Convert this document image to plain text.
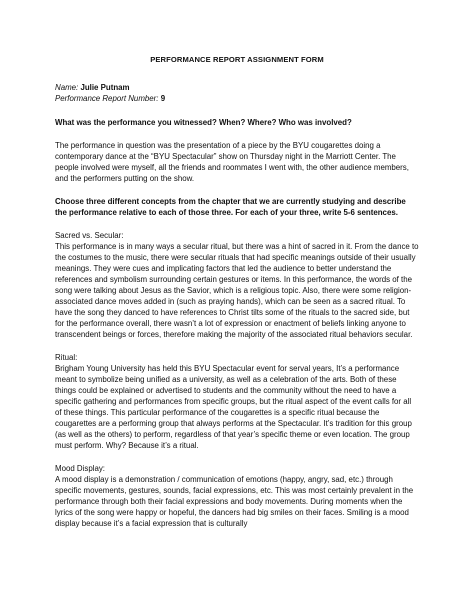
PERFORMANCE REPORT ASSIGNMENT FORM

Name: Julie Putnam

Performance Report Number: 9

What was the performance you witnessed? When? Where? Who was involved?

The performance in question was the presentation of a piece by the BYU cougarettes doing a contemporary dance at the “BYU Spectacular” show on Thursday night in the Marriott Center. The people involved were myself, all the friends and roommates I went with, the other audience members, and the performers putting on the show.

Choose three different concepts from the chapter that we are currently studying and describe the performance relative to each of those three. For each of your three, write 5-6 sentences.

Sacred vs. Secular:

This performance is in many ways a secular ritual, but there was a hint of sacred in it. From the dance to the costumes to the music, there were secular rituals that had specific meanings outside of their usually meanings. They were cues and implicating factors that led the audience to better understand the references and symbolism surrounding certain gestures or items. In this performance, the words of the song were talking about Jesus as the Savior, which is a religious topic. Also, there were some religion-associated dance moves added in (such as praying hands), which can be seen as a sacred ritual. To have the song they danced to have references to Christ tilts some of the rituals to the sacred side, but for the performance overall, there wasn’t a lot of expression or enactment of beliefs linking anyone to transcendent beings or forces, therefore making the majority of the associated ritual behaviors secular.

Ritual:

Brigham Young University has held this BYU Spectacular event for serval years, It’s a performance meant to symbolize being unified as a university, as well as a celebration of the arts. Both of these things could be explained or advertised to students and the community without the need to have a specific gathering and performances from specific groups, but the ritual aspect of the event calls for all of these things. This particular performance of the cougarettes is a specific ritual because the cougarettes are a performing group that always performs at the Spectacular. It’s tradition for this group (as well as the others) to perform, regardless of that year’s specific theme or even location. The group must perform. Why? Because it’s a ritual.

Mood Display:

A mood display is a demonstration / communication of emotions (happy, angry, sad, etc.) through specific movements, gestures, sounds, facial expressions, etc. This was most certainly prevalent in the performance through both their facial expressions and body movements. During moments when the lyrics of the song were happy or hopeful, the dancers had big smiles on their faces. Smiling is a mood display because it’s a facial expression that is culturally
